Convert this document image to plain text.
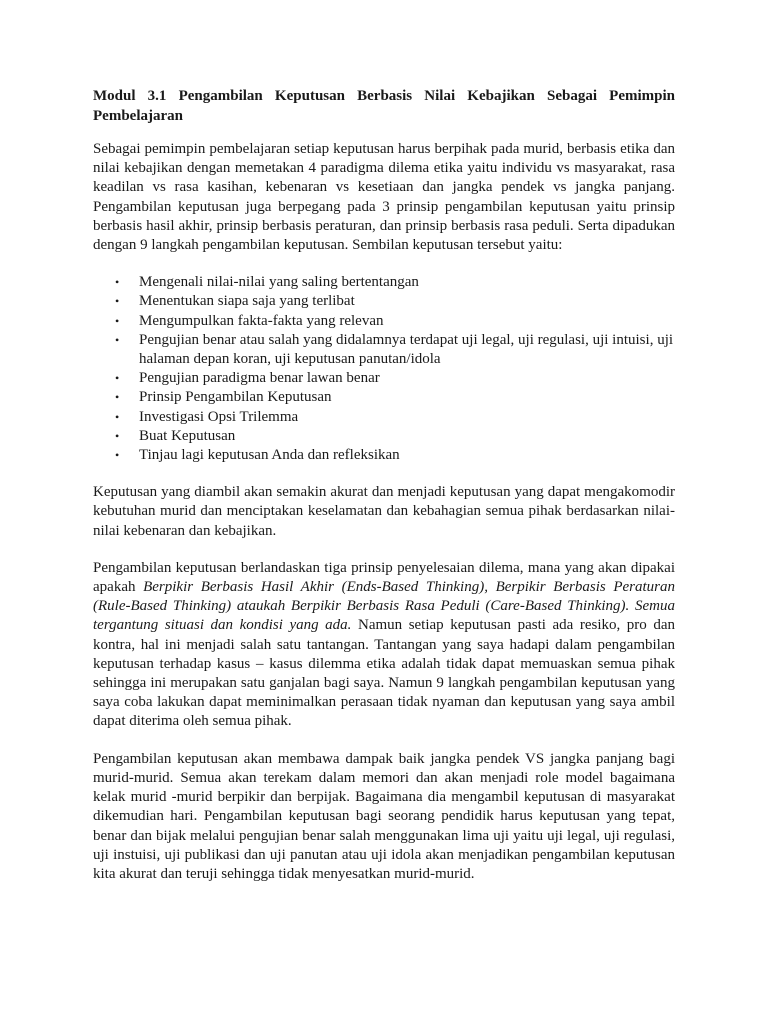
Modul 3.1 Pengambilan Keputusan Berbasis Nilai Kebajikan Sebagai Pemimpin Pembelajaran

Sebagai pemimpin pembelajaran setiap keputusan harus berpihak pada murid, berbasis etika dan nilai kebajikan dengan memetakan 4 paradigma dilema etika yaitu individu vs masyarakat, rasa keadilan vs rasa kasihan, kebenaran vs kesetiaan dan jangka pendek vs jangka panjang. Pengambilan keputusan juga berpegang pada 3 prinsip pengambilan keputusan yaitu prinsip berbasis hasil akhir, prinsip berbasis peraturan, dan prinsip berbasis rasa peduli. Serta dipadukan dengan 9 langkah pengambilan keputusan. Sembilan keputusan tersebut yaitu:

• Mengenali nilai-nilai yang saling bertentangan
• Menentukan siapa saja yang terlibat
• Mengumpulkan fakta-fakta yang relevan
• Pengujian benar atau salah yang didalamnya terdapat uji legal, uji regulasi, uji intuisi, uji halaman depan koran, uji keputusan panutan/idola
• Pengujian paradigma benar lawan benar
• Prinsip Pengambilan Keputusan
• Investigasi Opsi Trilemma
• Buat Keputusan
• Tinjau lagi keputusan Anda dan refleksikan

Keputusan yang diambil akan semakin akurat dan menjadi keputusan yang dapat mengakomodir kebutuhan murid dan menciptakan keselamatan dan kebahagian semua pihak berdasarkan nilai-nilai kebenaran dan kebajikan.

Pengambilan keputusan berlandaskan tiga prinsip penyelesaian dilema, mana yang akan dipakai apakah Berpikir Berbasis Hasil Akhir (Ends-Based Thinking), Berpikir Berbasis Peraturan (Rule-Based Thinking) ataukah Berpikir Berbasis Rasa Peduli (Care-Based Thinking). Semua tergantung situasi dan kondisi yang ada. Namun setiap keputusan pasti ada resiko, pro dan kontra, hal ini menjadi salah satu tantangan. Tantangan yang saya hadapi dalam pengambilan keputusan terhadap kasus – kasus dilemma etika adalah tidak dapat memuaskan semua pihak sehingga ini merupakan satu ganjalan bagi saya. Namun 9 langkah pengambilan keputusan yang saya coba lakukan dapat meminimalkan perasaan tidak nyaman dan keputusan yang saya ambil dapat diterima oleh semua pihak.

Pengambilan keputusan akan membawa dampak baik jangka pendek VS jangka panjang bagi murid-murid. Semua akan terekam dalam memori dan akan menjadi role model bagaimana kelak murid -murid berpikir dan berpijak. Bagaimana dia mengambil keputusan di masyarakat dikemudian hari. Pengambilan keputusan bagi seorang pendidik harus keputusan yang tepat, benar dan bijak melalui pengujian benar salah menggunakan lima uji yaitu uji legal, uji regulasi, uji instuisi, uji publikasi dan uji panutan atau uji idola akan menjadikan pengambilan keputusan kita akurat dan teruji sehingga tidak menyesatkan murid-murid.
